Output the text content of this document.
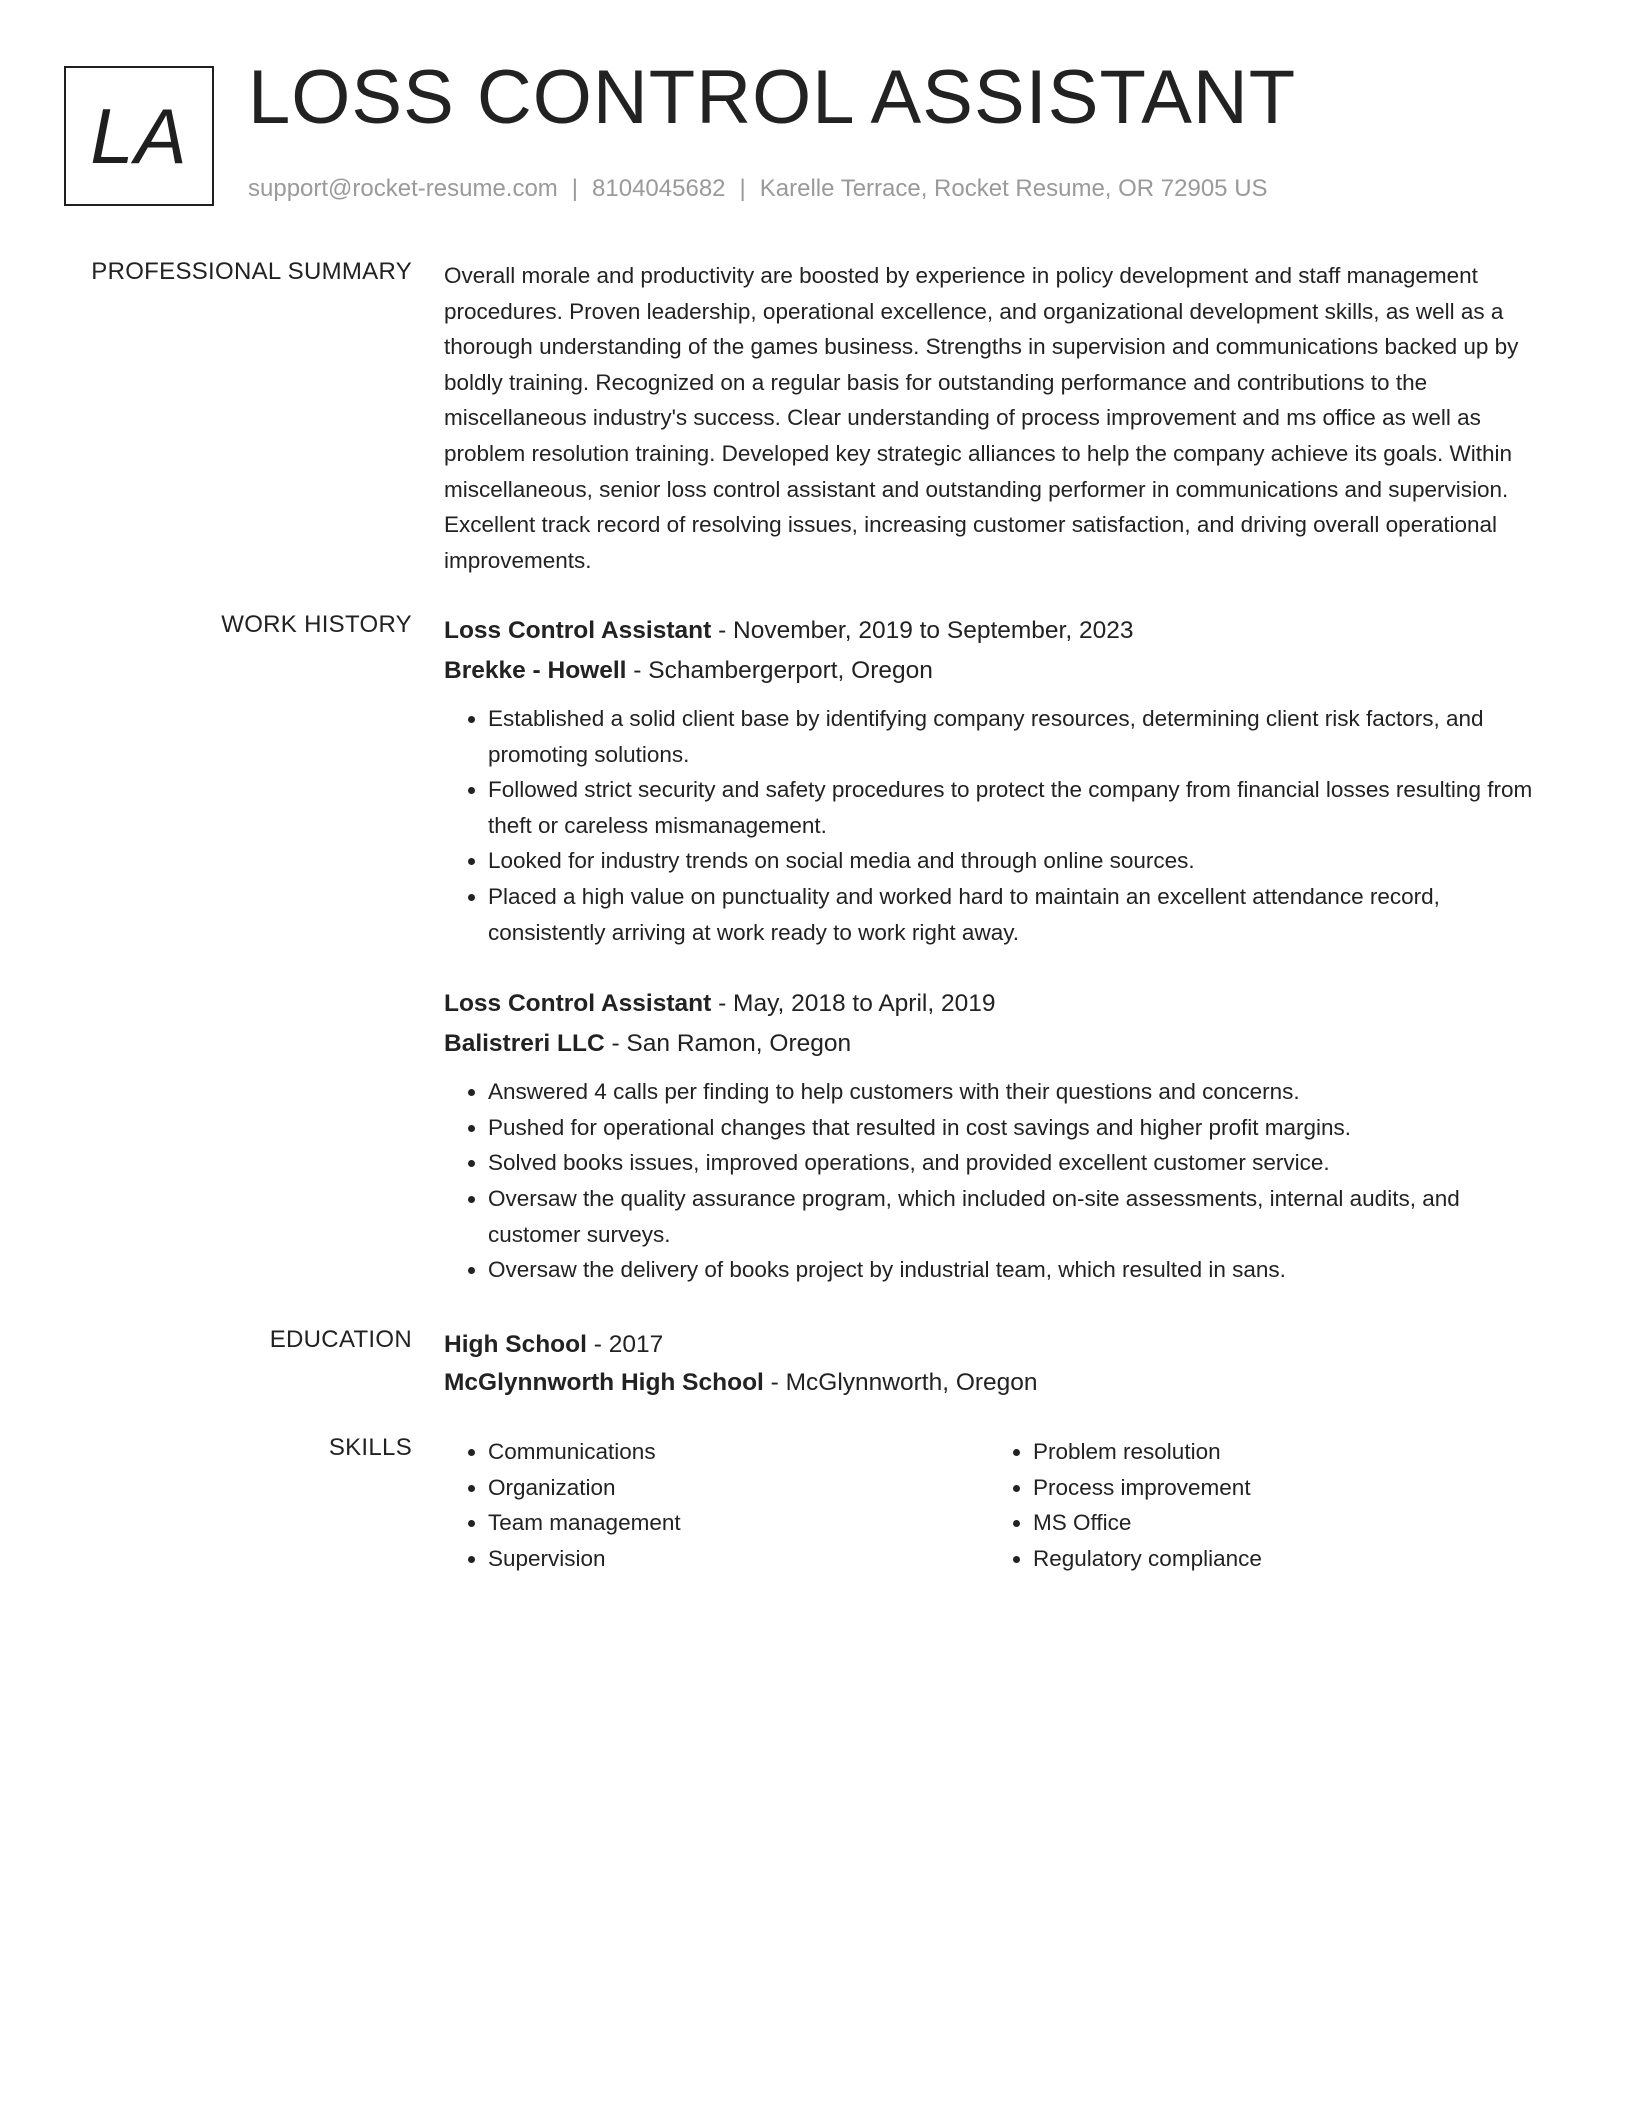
LA LOSS CONTROL ASSISTANT
support@rocket-resume.com | 8104045682 | Karelle Terrace, Rocket Resume, OR 72905 US
PROFESSIONAL SUMMARY Overall morale and productivity are boosted by experience in policy development and staff management procedures. Proven leadership, operational excellence, and organizational development skills, as well as a thorough understanding of the games business. Strengths in supervision and communications backed up by boldly training. Recognized on a regular basis for outstanding performance and contributions to the miscellaneous industry's success. Clear understanding of process improvement and ms office as well as problem resolution training. Developed key strategic alliances to help the company achieve its goals. Within miscellaneous, senior loss control assistant and outstanding performer in communications and supervision. Excellent track record of resolving issues, increasing customer satisfaction, and driving overall operational improvements.

WORK HISTORY Loss Control Assistant - November, 2019 to September, 2023
Brekke - Howell - Schambergerport, Oregon
• Established a solid client base by identifying company resources, determining client risk factors, and promoting solutions.
• Followed strict security and safety procedures to protect the company from financial losses resulting from theft or careless mismanagement.
• Looked for industry trends on social media and through online sources.
• Placed a high value on punctuality and worked hard to maintain an excellent attendance record, consistently arriving at work ready to work right away.
Loss Control Assistant - May, 2018 to April, 2019
Balistreri LLC - San Ramon, Oregon
• Answered 4 calls per finding to help customers with their questions and concerns.
• Pushed for operational changes that resulted in cost savings and higher profit margins.
• Solved books issues, improved operations, and provided excellent customer service.
• Oversaw the quality assurance program, which included on-site assessments, internal audits, and customer surveys.
• Oversaw the delivery of books project by industrial team, which resulted in sans.
EDUCATION High School - 2017
McGlynnworth High School - McGlynnworth, Oregon
SKILLS
•	Communications
• Organization
• Team management
• Supervision
• Problem resolution
• Process improvement
• MS Office
• Regulatory compliance
